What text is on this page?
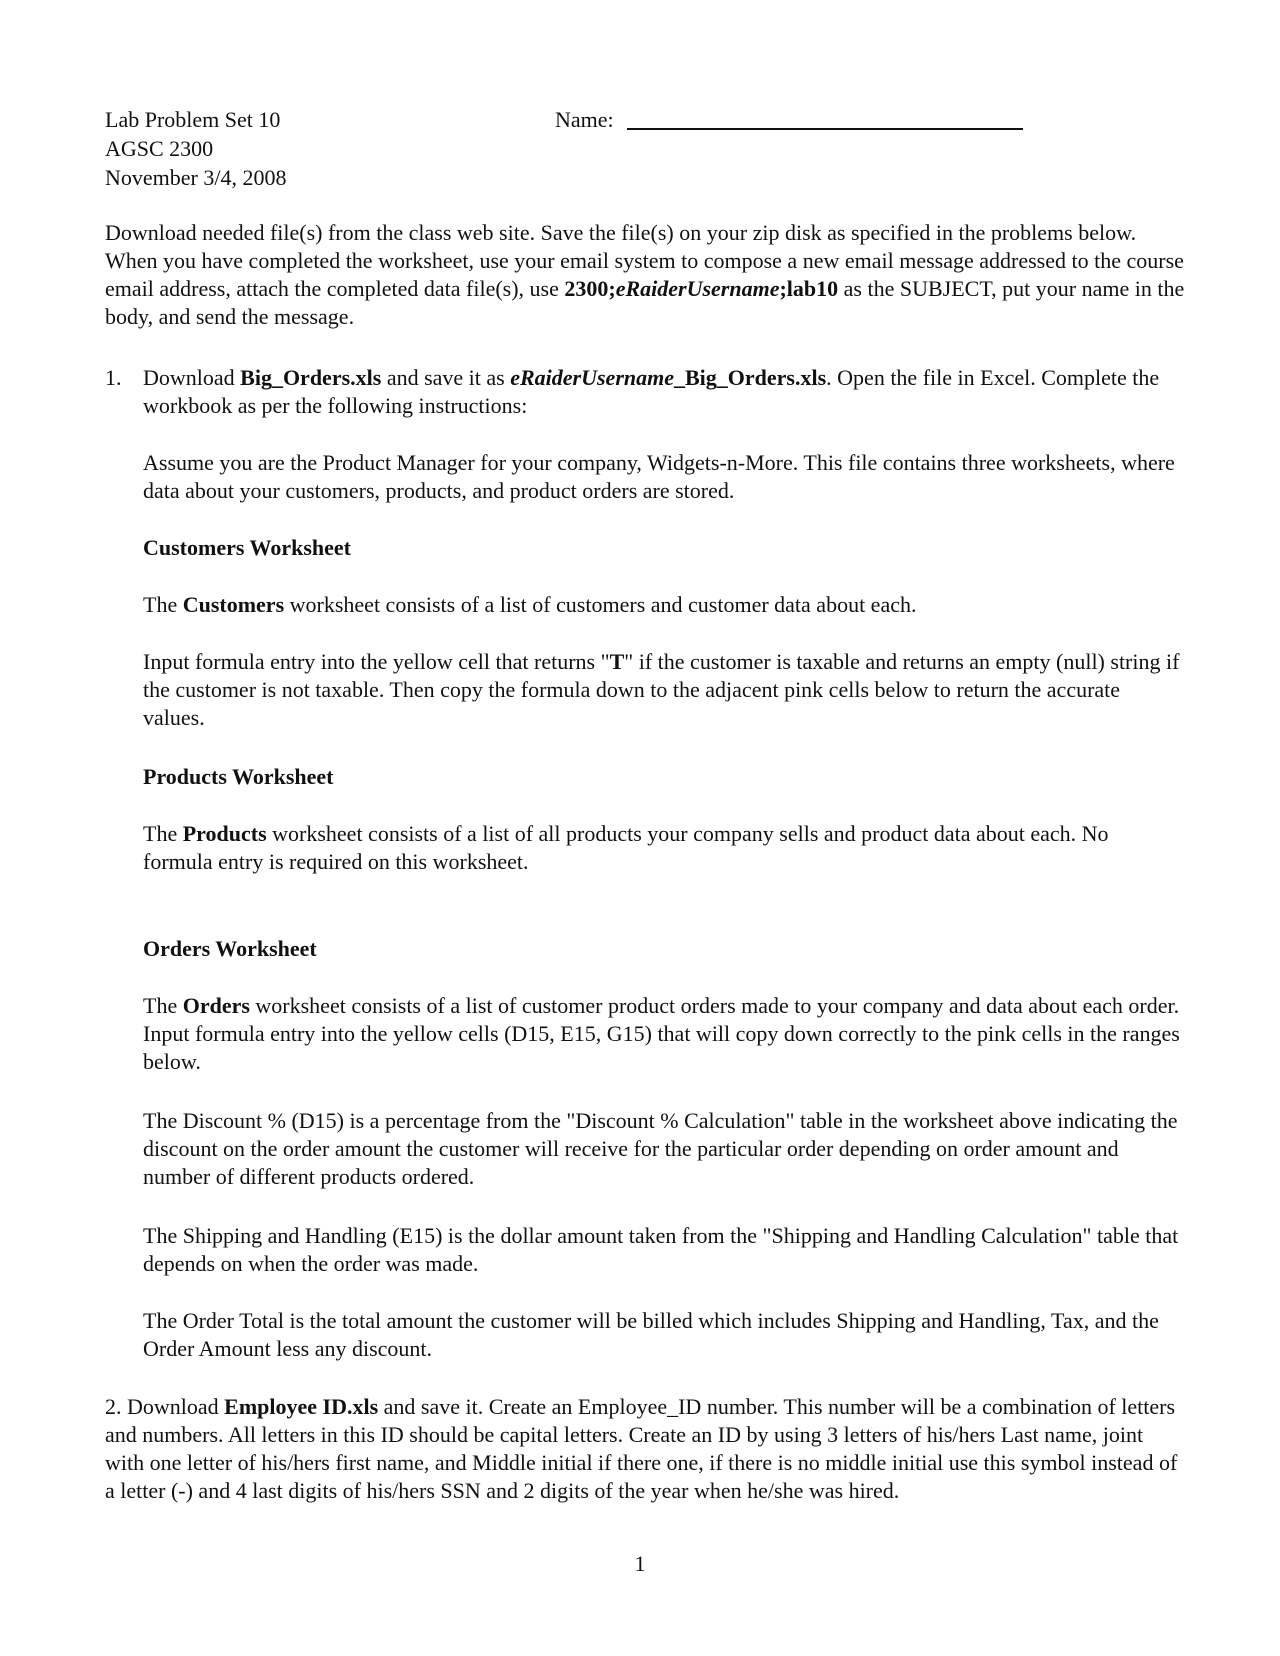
Lab Problem Set 10
AGSC 2300
November 3/4, 2008
Name:

Download needed file(s) from the class web site. Save the file(s) on your zip disk as specified in the problems below. When you have completed the worksheet, use your email system to compose a new email message addressed to the course email address, attach the completed data file(s), use 2300;eRaiderUsername;lab10 as the SUBJECT, put your name in the body, and send the message.

1. Download Big_Orders.xls and save it as eRaiderUsername_Big_Orders.xls. Open the file in Excel. Complete the workbook as per the following instructions:

Assume you are the Product Manager for your company, Widgets-n-More. This file contains three worksheets, where data about your customers, products, and product orders are stored.

Customers Worksheet

The Customers worksheet consists of a list of customers and customer data about each.

Input formula entry into the yellow cell that returns "T" if the customer is taxable and returns an empty (null) string if the customer is not taxable. Then copy the formula down to the adjacent pink cells below to return the accurate values.

Products Worksheet

The Products worksheet consists of a list of all products your company sells and product data about each. No formula entry is required on this worksheet.

Orders Worksheet

The Orders worksheet consists of a list of customer product orders made to your company and data about each order. Input formula entry into the yellow cells (D15, E15, G15) that will copy down correctly to the pink cells in the ranges below.

The Discount % (D15) is a percentage from the "Discount % Calculation" table in the worksheet above indicating the discount on the order amount the customer will receive for the particular order depending on order amount and number of different products ordered.

The Shipping and Handling (E15) is the dollar amount taken from the "Shipping and Handling Calculation" table that depends on when the order was made.

The Order Total is the total amount the customer will be billed which includes Shipping and Handling, Tax, and the Order Amount less any discount.

2. Download Employee ID.xls and save it. Create an Employee_ID number. This number will be a combination of letters and numbers. All letters in this ID should be capital letters. Create an ID by using 3 letters of his/hers Last name, joint with one letter of his/hers first name, and Middle initial if there one, if there is no middle initial use this symbol instead of a letter (-) and 4 last digits of his/hers SSN and 2 digits of the year when he/she was hired.

1
